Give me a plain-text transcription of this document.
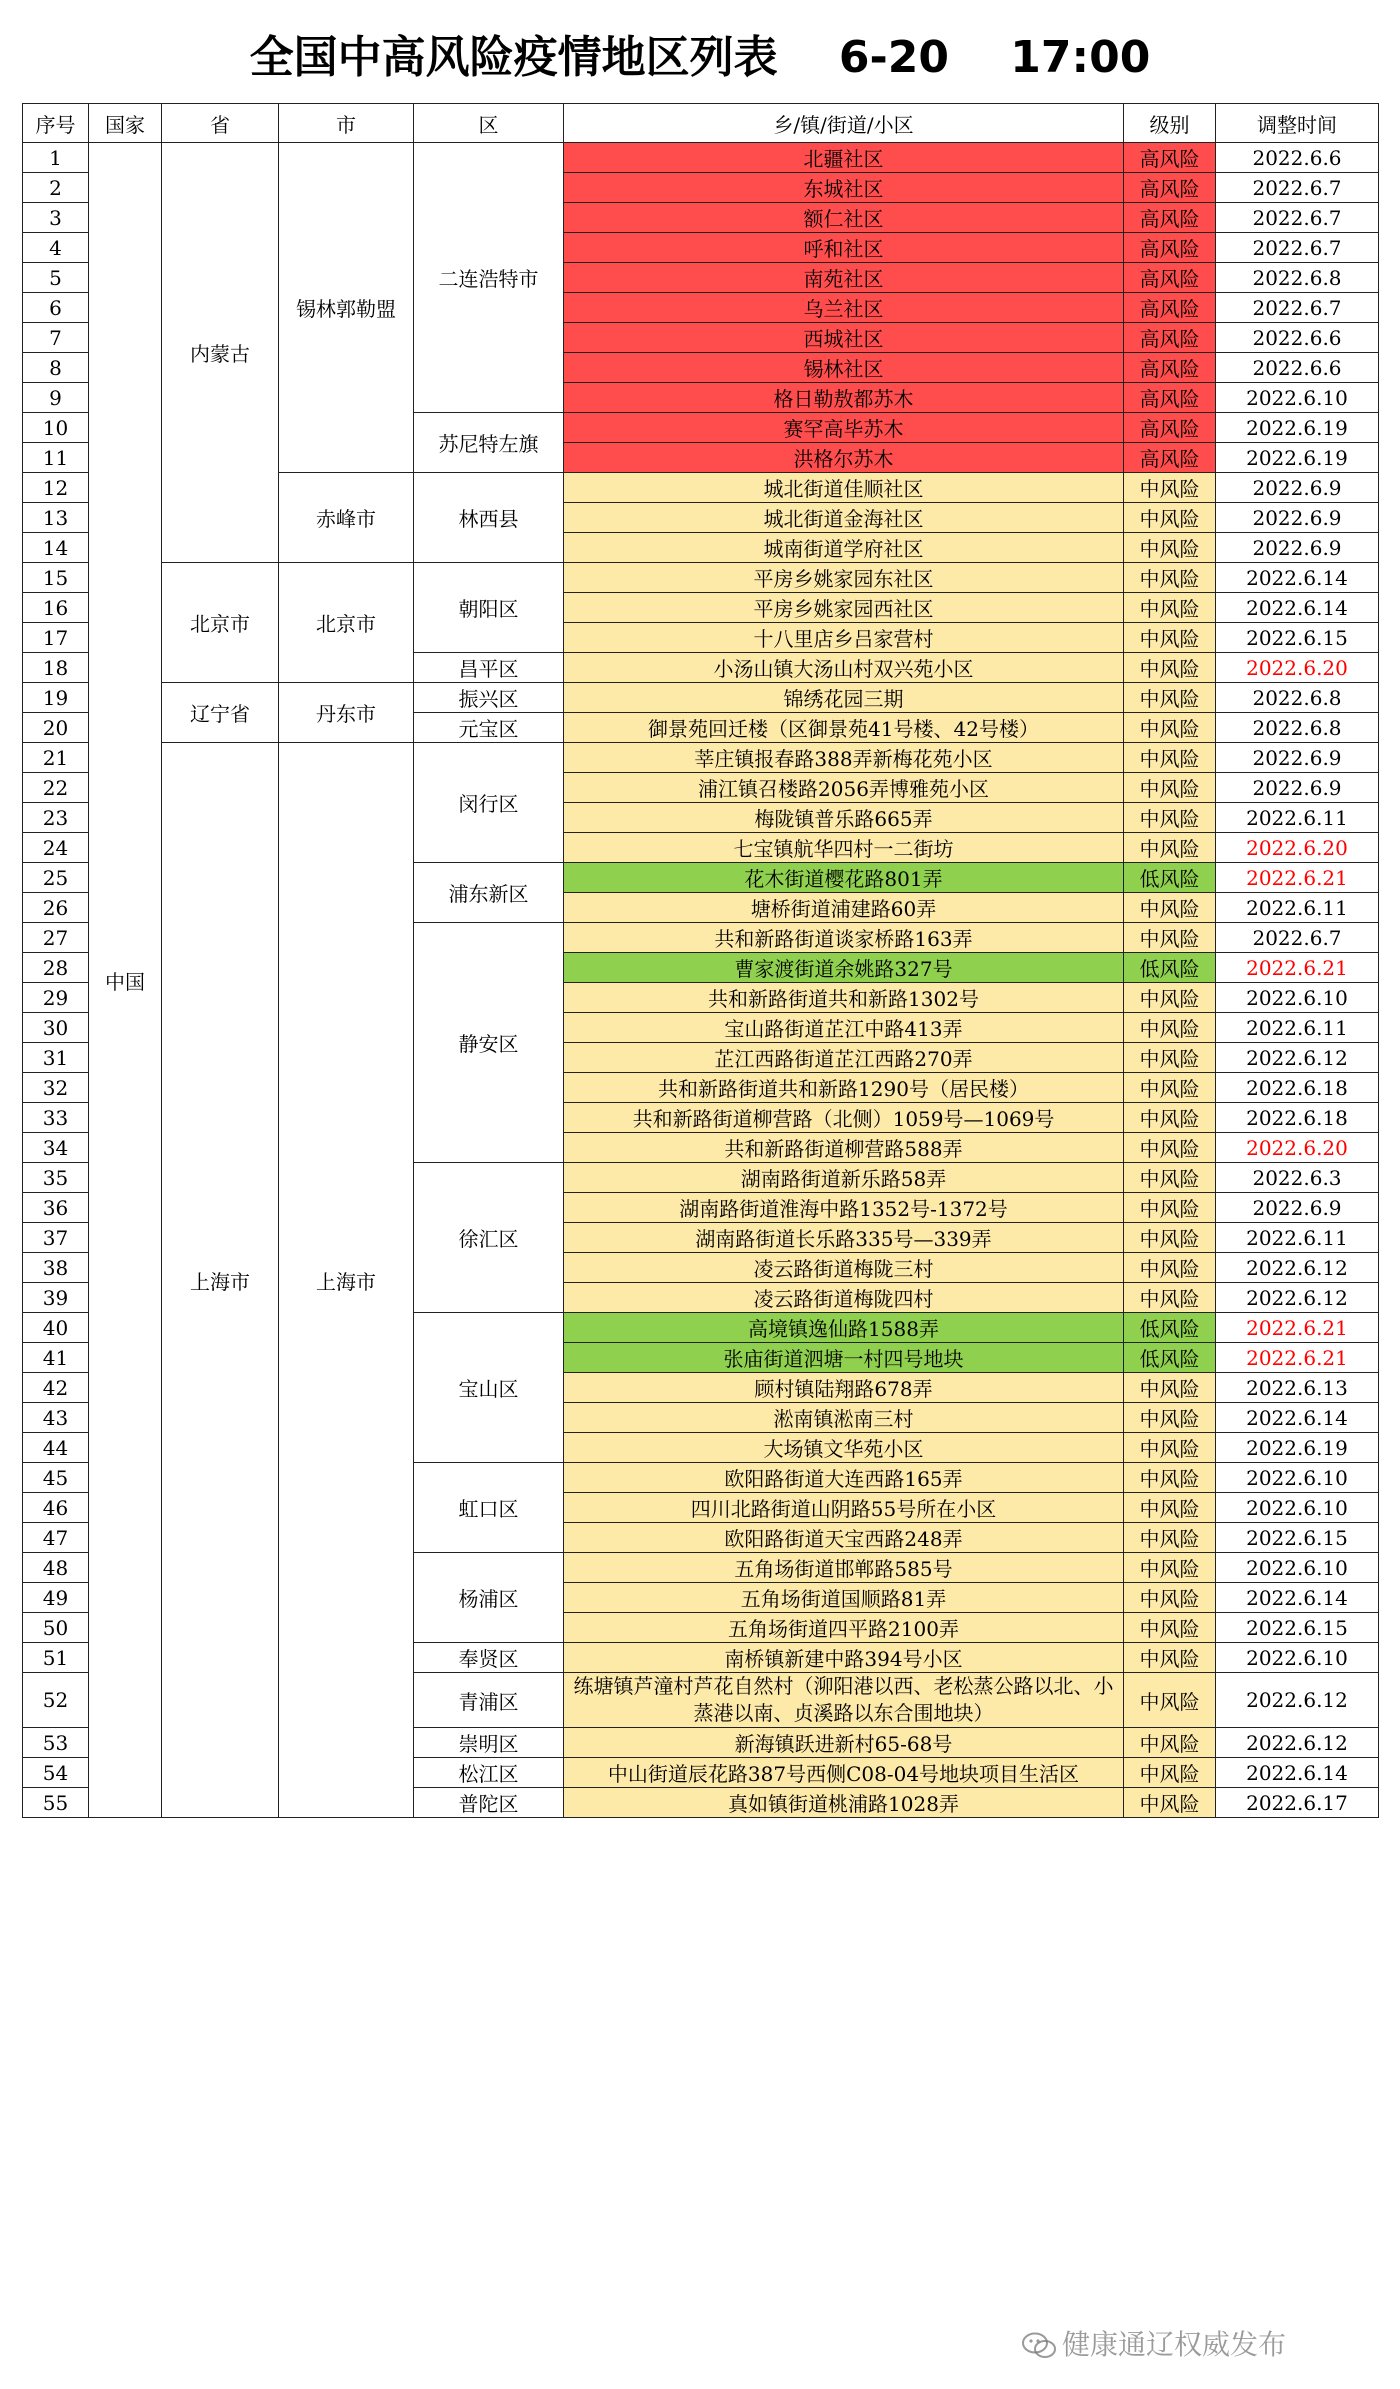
全国中高风险疫情地区列表    6-20    17:00
序号	国家	省	市	区	乡/镇/街道/小区	级别	调整时间
1	中国	内蒙古	锡林郭勒盟	二连浩特市	北疆社区	高风险	2022.6.6
2					东城社区	高风险	2022.6.7
3					额仁社区	高风险	2022.6.7
4					呼和社区	高风险	2022.6.7
5					南苑社区	高风险	2022.6.8
6					乌兰社区	高风险	2022.6.7
7					西城社区	高风险	2022.6.6
8					锡林社区	高风险	2022.6.6
9					格日勒敖都苏木	高风险	2022.6.10
10				苏尼特左旗	赛罕高毕苏木	高风险	2022.6.19
11					洪格尔苏木	高风险	2022.6.19
12			赤峰市	林西县	城北街道佳顺社区	中风险	2022.6.9
13					城北街道金海社区	中风险	2022.6.9
14					城南街道学府社区	中风险	2022.6.9
15		北京市	北京市	朝阳区	平房乡姚家园东社区	中风险	2022.6.14
16					平房乡姚家园西社区	中风险	2022.6.14
17					十八里店乡吕家营村	中风险	2022.6.15
18				昌平区	小汤山镇大汤山村双兴苑小区	中风险	2022.6.20
19		辽宁省	丹东市	振兴区	锦绣花园三期	中风险	2022.6.8
20				元宝区	御景苑回迁楼（区御景苑41号楼、42号楼）	中风险	2022.6.8
21		上海市	上海市	闵行区	莘庄镇报春路388弄新梅花苑小区	中风险	2022.6.9
22					浦江镇召楼路2056弄博雅苑小区	中风险	2022.6.9
23					梅陇镇普乐路665弄	中风险	2022.6.11
24					七宝镇航华四村一二街坊	中风险	2022.6.20
25				浦东新区	花木街道樱花路801弄	低风险	2022.6.21
26					塘桥街道浦建路60弄	中风险	2022.6.11
27				静安区	共和新路街道谈家桥路163弄	中风险	2022.6.7
28					曹家渡街道余姚路327号	低风险	2022.6.21
29					共和新路街道共和新路1302号	中风险	2022.6.10
30					宝山路街道芷江中路413弄	中风险	2022.6.11
31					芷江西路街道芷江西路270弄	中风险	2022.6.12
32					共和新路街道共和新路1290号（居民楼）	中风险	2022.6.18
33					共和新路街道柳营路（北侧）1059号—1069号	中风险	2022.6.18
34					共和新路街道柳营路588弄	中风险	2022.6.20
35				徐汇区	湖南路街道新乐路58弄	中风险	2022.6.3
36					湖南路街道淮海中路1352号-1372号	中风险	2022.6.9
37					湖南路街道长乐路335号—339弄	中风险	2022.6.11
38					凌云路街道梅陇三村	中风险	2022.6.12
39					凌云路街道梅陇四村	中风险	2022.6.12
40				宝山区	高境镇逸仙路1588弄	低风险	2022.6.21
41					张庙街道泗塘一村四号地块	低风险	2022.6.21
42					顾村镇陆翔路678弄	中风险	2022.6.13
43					淞南镇淞南三村	中风险	2022.6.14
44					大场镇文华苑小区	中风险	2022.6.19
45				虹口区	欧阳路街道大连西路165弄	中风险	2022.6.10
46					四川北路街道山阴路55号所在小区	中风险	2022.6.10
47					欧阳路街道天宝西路248弄	中风险	2022.6.15
48				杨浦区	五角场街道邯郸路585号	中风险	2022.6.10
49					五角场街道国顺路81弄	中风险	2022.6.14
50					五角场街道四平路2100弄	中风险	2022.6.15
51				奉贤区	南桥镇新建中路394号小区	中风险	2022.6.10
52				青浦区	练塘镇芦潼村芦花自然村（泖阳港以西、老松蒸公路以北、小蒸港以南、贞溪路以东合围地块）	中风险	2022.6.12
53				崇明区	新海镇跃进新村65-68号	中风险	2022.6.12
54				松江区	中山街道辰花路387号西侧C08-04号地块项目生活区	中风险	2022.6.14
55				普陀区	真如镇街道桃浦路1028弄	中风险	2022.6.17
健康通辽权威发布
